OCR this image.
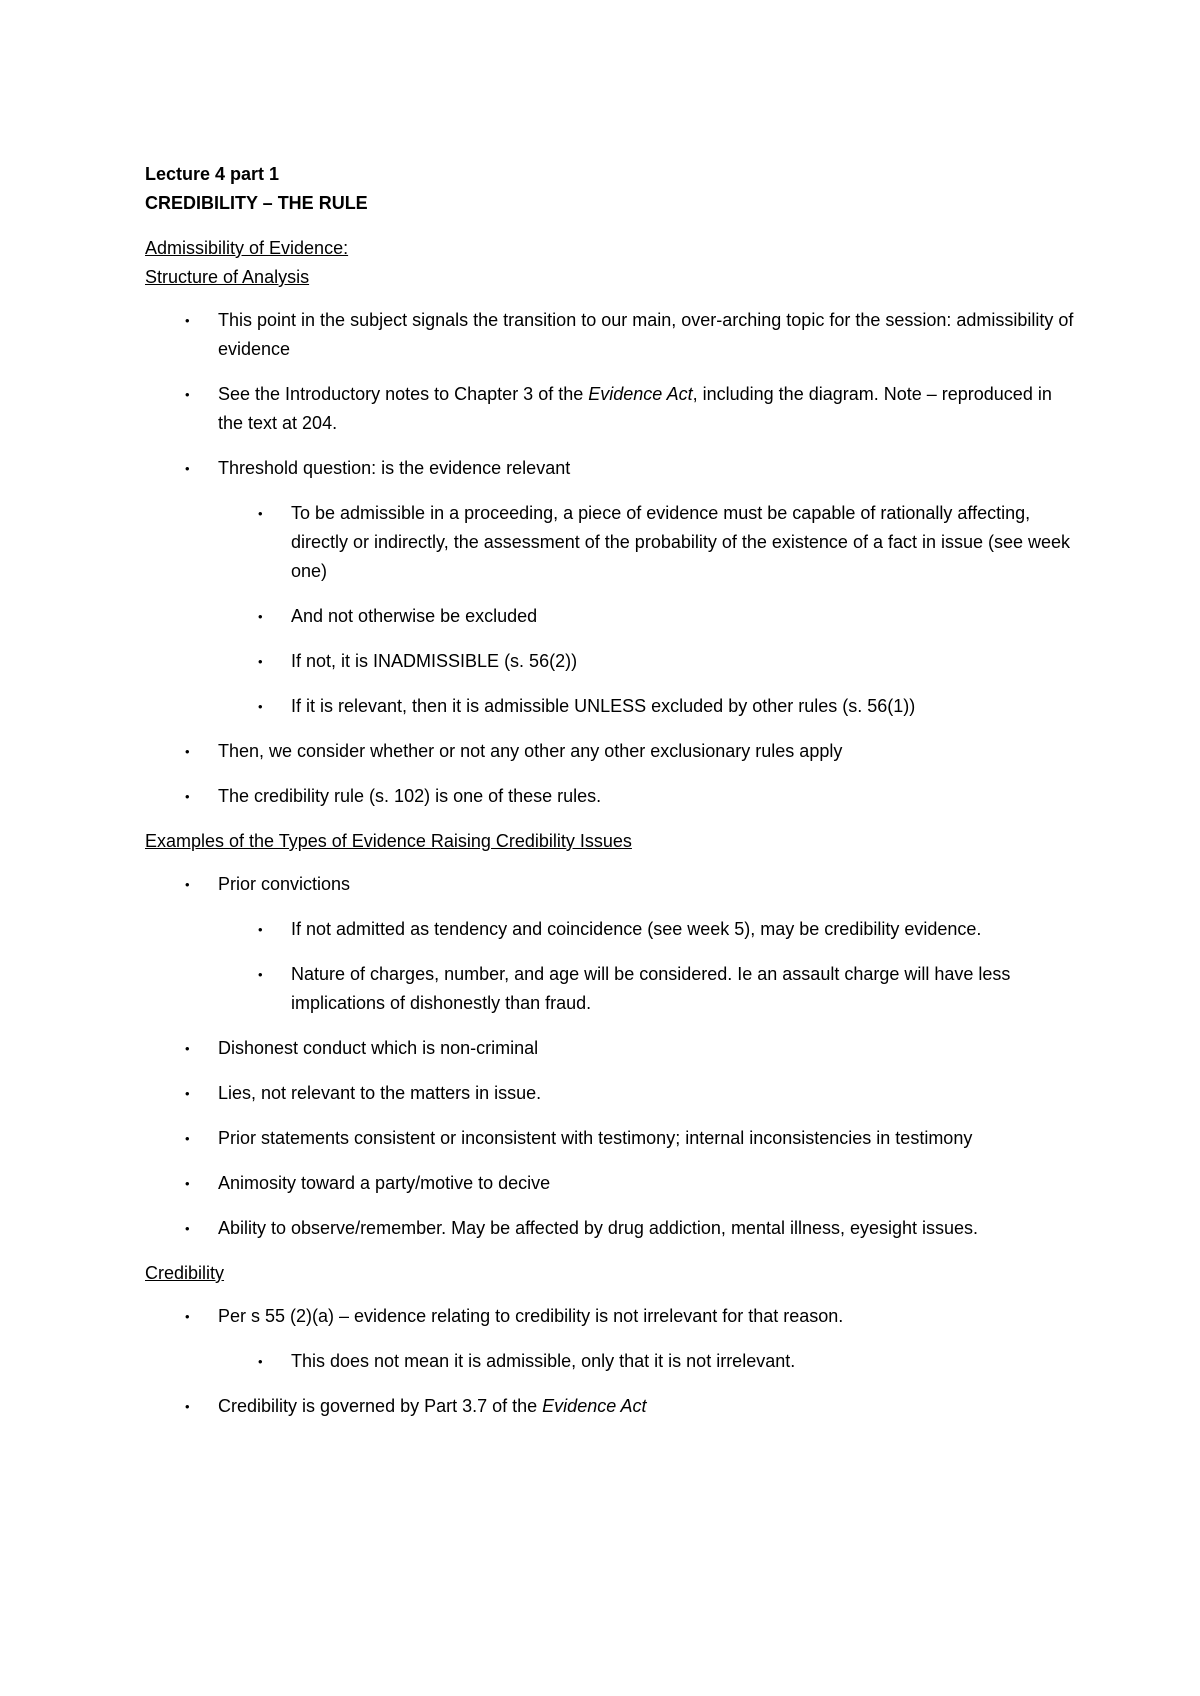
Lecture 4 part 1

CREDIBILITY – THE RULE

Admissibility of Evidence:

Structure of Analysis

• This point in the subject signals the transition to our main, over-arching topic for the session: admissibility of evidence
• See the Introductory notes to Chapter 3 of the Evidence Act, including the diagram. Note – reproduced in the text at 204.
• Threshold question: is the evidence relevant
• To be admissible in a proceeding, a piece of evidence must be capable of rationally affecting, directly or indirectly, the assessment of the probability of the existence of a fact in issue (see week one)
• And not otherwise be excluded
• If not, it is INADMISSIBLE (s. 56(2))
• If it is relevant, then it is admissible UNLESS excluded by other rules (s. 56(1))
• Then, we consider whether or not any other any other exclusionary rules apply
• The credibility rule (s. 102) is one of these rules.

Examples of the Types of Evidence Raising Credibility Issues

• Prior convictions
• If not admitted as tendency and coincidence (see week 5), may be credibility evidence.
• Nature of charges, number, and age will be considered. Ie an assault charge will have less implications of dishonestly than fraud.
• Dishonest conduct which is non-criminal
• Lies, not relevant to the matters in issue.
• Prior statements consistent or inconsistent with testimony; internal inconsistencies in testimony
• Animosity toward a party/motive to decive
• Ability to observe/remember. May be affected by drug addiction, mental illness, eyesight issues.

Credibility

• Per s 55 (2)(a) – evidence relating to credibility is not irrelevant for that reason.
• This does not mean it is admissible, only that it is not irrelevant.
• Credibility is governed by Part 3.7 of the Evidence Act
